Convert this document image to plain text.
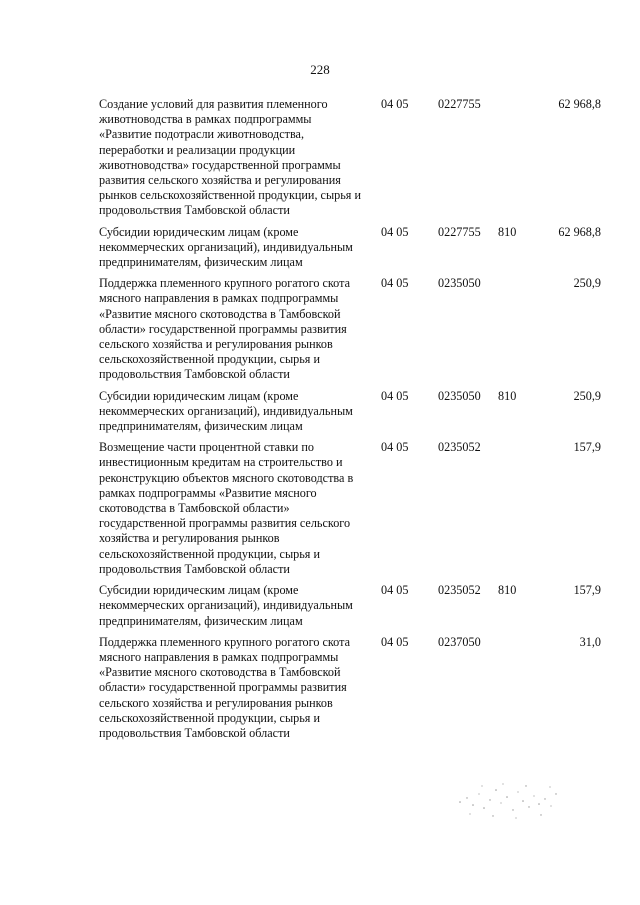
228
Создание условий для развития племенного животноводства в рамках подпрограммы «Развитие подотрасли животноводства, переработки и реализации продукции животноводства» государственной программы развития сельского хозяйства и регулирования рынков сельскохозяйственной продукции, сырья и продовольствия Тамбовской области
04 05 0227755	62 968,8
Субсидии юридическим лицам (кроме некоммерческих организаций), индивидуальным предпринимателям, физическим лицам
04 05 0227755 810	62 968,8
Поддержка племенного крупного рогатого скота мясного направления в рамках подпрограммы «Развитие мясного скотоводства в Тамбовской области» государственной программы развития сельского хозяйства и регулирования рынков сельскохозяйственной продукции, сырья и продовольствия Тамбовской области
04 05 0235050	250,9
Субсидии юридическим лицам (кроме некоммерческих организаций), индивидуальным предпринимателям, физическим лицам
04 05 0235050 810	250,9
Возмещение части процентной ставки по инвестиционным кредитам на строительство и реконструкцию объектов мясного скотоводства в рамках подпрограммы «Развитие мясного скотоводства в Тамбовской области» государственной программы развития сельского хозяйства и регулирования рынков сельскохозяйственной продукции, сырья и продовольствия Тамбовской области
04 05 0235052	157,9
Субсидии юридическим лицам (кроме некоммерческих организаций), индивидуальным предпринимателям, физическим лицам
04 05 0235052 810	157,9
Поддержка племенного крупного рогатого скота мясного направления в рамках подпрограммы «Развитие мясного скотоводства в Тамбовской области» государственной программы развития сельского хозяйства и регулирования рынков сельскохозяйственной продукции, сырья и продовольствия Тамбовской области
04 05 0237050	31,0
